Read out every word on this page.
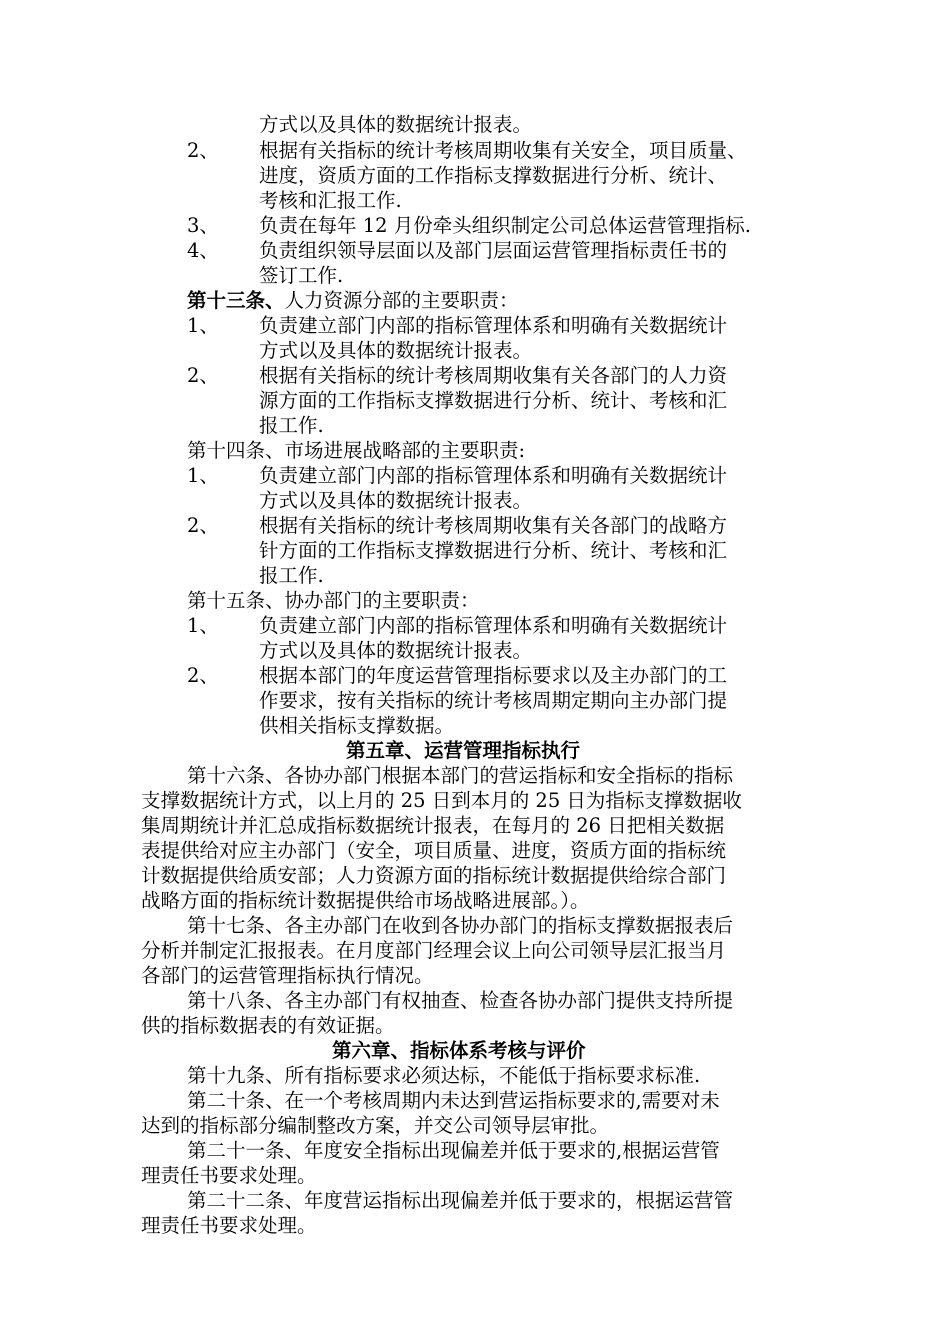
方式以及具体的数据统计报表。
2、 根据有关指标的统计考核周期收集有关安全，项目质量、
进度，资质方面的工作指标支撑数据进行分析、统计、
考核和汇报工作.
3、 负责在每年 12 月份牵头组织制定公司总体运营管理指标.
4、 负责组织领导层面以及部门层面运营管理指标责任书的
签订工作.
第十三条、人力资源分部的主要职责：
1、 负责建立部门内部的指标管理体系和明确有关数据统计
方式以及具体的数据统计报表。
2、 根据有关指标的统计考核周期收集有关各部门的人力资
源方面的工作指标支撑数据进行分析、统计、考核和汇
报工作.
第十四条、市场进展战略部的主要职责:
1、 负责建立部门内部的指标管理体系和明确有关数据统计
方式以及具体的数据统计报表。
2、 根据有关指标的统计考核周期收集有关各部门的战略方
针方面的工作指标支撑数据进行分析、统计、考核和汇
报工作.
第十五条、协办部门的主要职责：
1、 负责建立部门内部的指标管理体系和明确有关数据统计
方式以及具体的数据统计报表。
2、 根据本部门的年度运营管理指标要求以及主办部门的工
作要求，按有关指标的统计考核周期定期向主办部门提
供相关指标支撑数据。
第五章、运营管理指标执行
第十六条、各协办部门根据本部门的营运指标和安全指标的指标
支撑数据统计方式，以上月的 25 日到本月的 25 日为指标支撑数据收
集周期统计并汇总成指标数据统计报表，在每月的 26 日把相关数据
表提供给对应主办部门（安全，项目质量、进度，资质方面的指标统
计数据提供给质安部；人力资源方面的指标统计数据提供给综合部门
战略方面的指标统计数据提供给市场战略进展部。）。
第十七条、各主办部门在收到各协办部门的指标支撑数据报表后
分析并制定汇报报表。在月度部门经理会议上向公司领导层汇报当月
各部门的运营管理指标执行情况。
第十八条、各主办部门有权抽查、检查各协办部门提供支持所提
供的指标数据表的有效证据。
第六章、指标体系考核与评价
第十九条、所有指标要求必须达标，不能低于指标要求标准.
第二十条、在一个考核周期内未达到营运指标要求的,需要对未
达到的指标部分编制整改方案，并交公司领导层审批。
第二十一条、年度安全指标出现偏差并低于要求的,根据运营管
理责任书要求处理。
第二十二条、年度营运指标出现偏差并低于要求的，根据运营管
理责任书要求处理。
